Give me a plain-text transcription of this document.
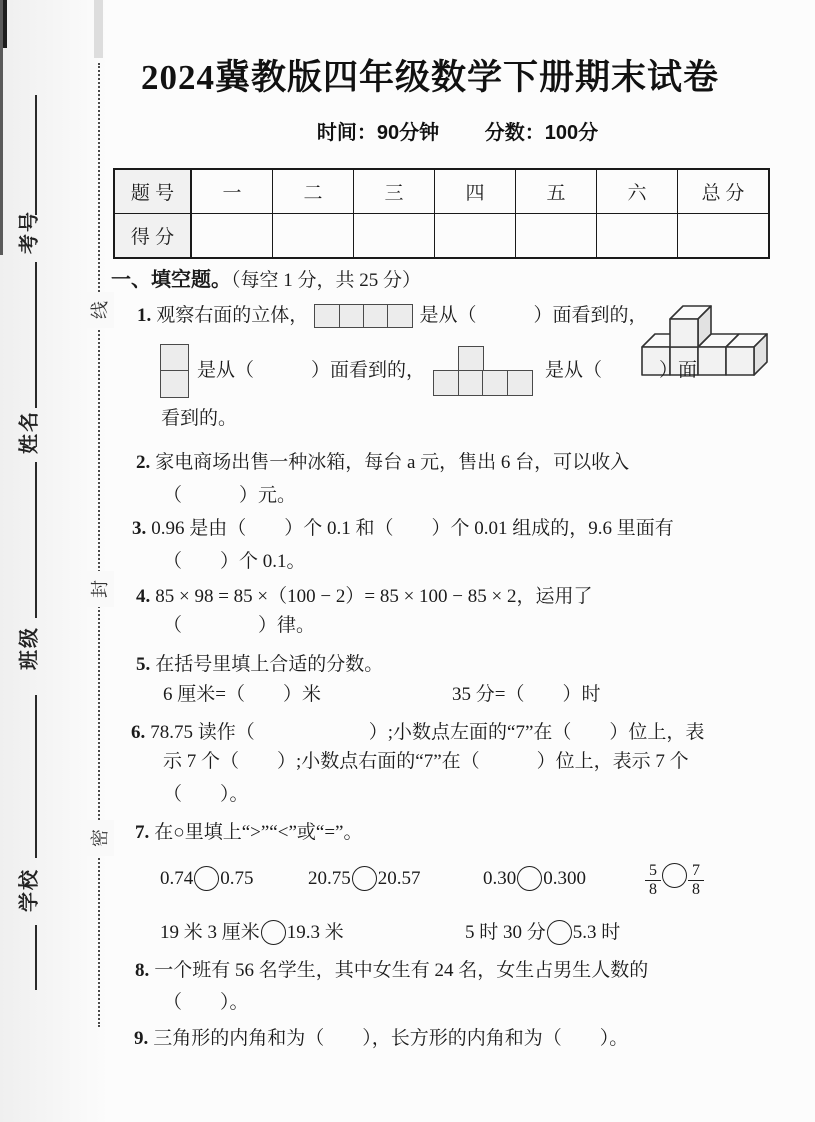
考号
姓名
班级
学校
线
封
密
2024冀教版四年级数学下册期末试卷
时间：90分钟 分数：100分
题 号	一	二	三	四	五	六	总 分
得 分							
一、填空题。（每空 1 分，共 25 分）
1. 观察右面的立体，	是从（　　　）面看到的，
是从（　　　）面看到的，	是从（　　　）面
看到的。
2. 家电商场出售一种冰箱，每台 a 元，售出 6 台，可以收入
（　　　）元。
3. 0.96 是由（　　）个 0.1 和（　　）个 0.01 组成的，9.6 里面有
（　　）个 0.1。
4. 85 × 98 = 85 ×（100 − 2）= 85 × 100 − 85 × 2，运用了
（　　　　）律。
5. 在括号里填上合适的分数。
6 厘米=（　　）米	35 分=（　　）时
6. 78.75 读作（　　　　　　）;小数点左面的“7”在（　　）位上，表
示 7 个（　　）;小数点右面的“7”在（　　　）位上，表示 7 个
（　　）。
7. 在○里填上“>”“<”或“=”。
0.74 0.75	20.75 20.57	0.30 0.300	$\frac{5}{8} \frac{7}{8}$
19 米 3 厘米 19.3 米	5 时 30 分 5.3 时
8. 一个班有 56 名学生，其中女生有 24 名，女生占男生人数的
（　　）。
9. 三角形的内角和为（　　），长方形的内角和为（　　）。
